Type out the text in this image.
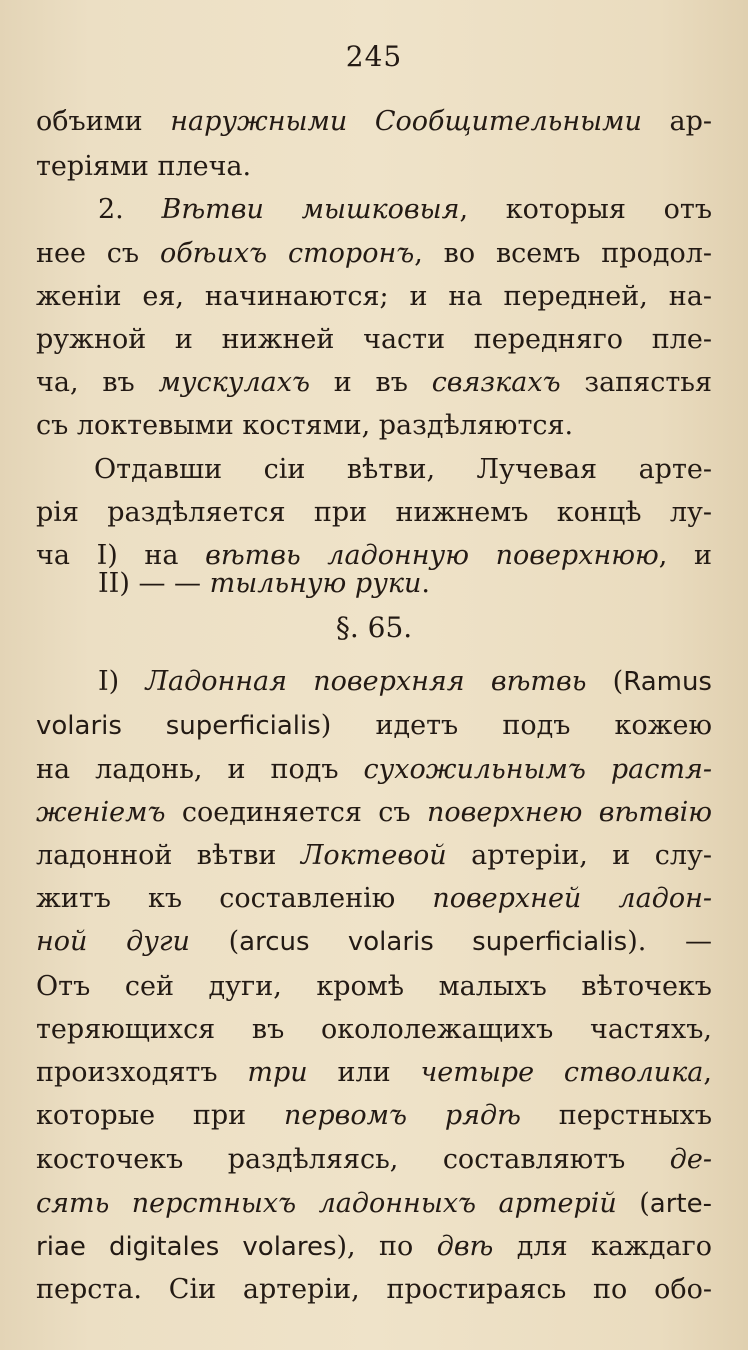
245
объими наружными Сообщительными ар-
теріями плеча.
2. Вѣтви мышковыя, которыя отъ
нее съ обѣихъ сторонъ, во всемъ продол-
женіи ея, начинаются; и на передней, на-
ружной и нижней части передняго пле-
ча, въ мускулахъ и въ связкахъ запястья
съ локтевыми костями, раздѣляются.
Отдавши сіи вѣтви, Лучевая арте-
рія раздѣляется при нижнемъ концѣ лу-
ча I) на вѣтвь ладонную поверхнюю, и
II) — — тыльную руки.
§. 65.
I) Ладонная поверхняя вѣтвь (Ramus
volaris superficialis) идетъ подъ кожею
на ладонь, и подъ сухожильнымъ растя-
женіемъ соединяется съ поверхнею вѣтвію
ладонной вѣтви Локтевой артеріи, и слу-
житъ къ составленію поверхней ладон-
ной дуги (arcus volaris superficialis). —
Отъ сей дуги, кромѣ малыхъ вѣточекъ
теряющихся въ окололежащихъ частяхъ,
произходятъ три или четыре стволика,
которые при первомъ рядѣ перстныхъ
косточекъ раздѣляясь, составляютъ де-
сять перстныхъ ладонныхъ артерій (arte-
riae digitales volares), по двѣ для каждаго
перста. Сіи артеріи, простираясь по обо-
